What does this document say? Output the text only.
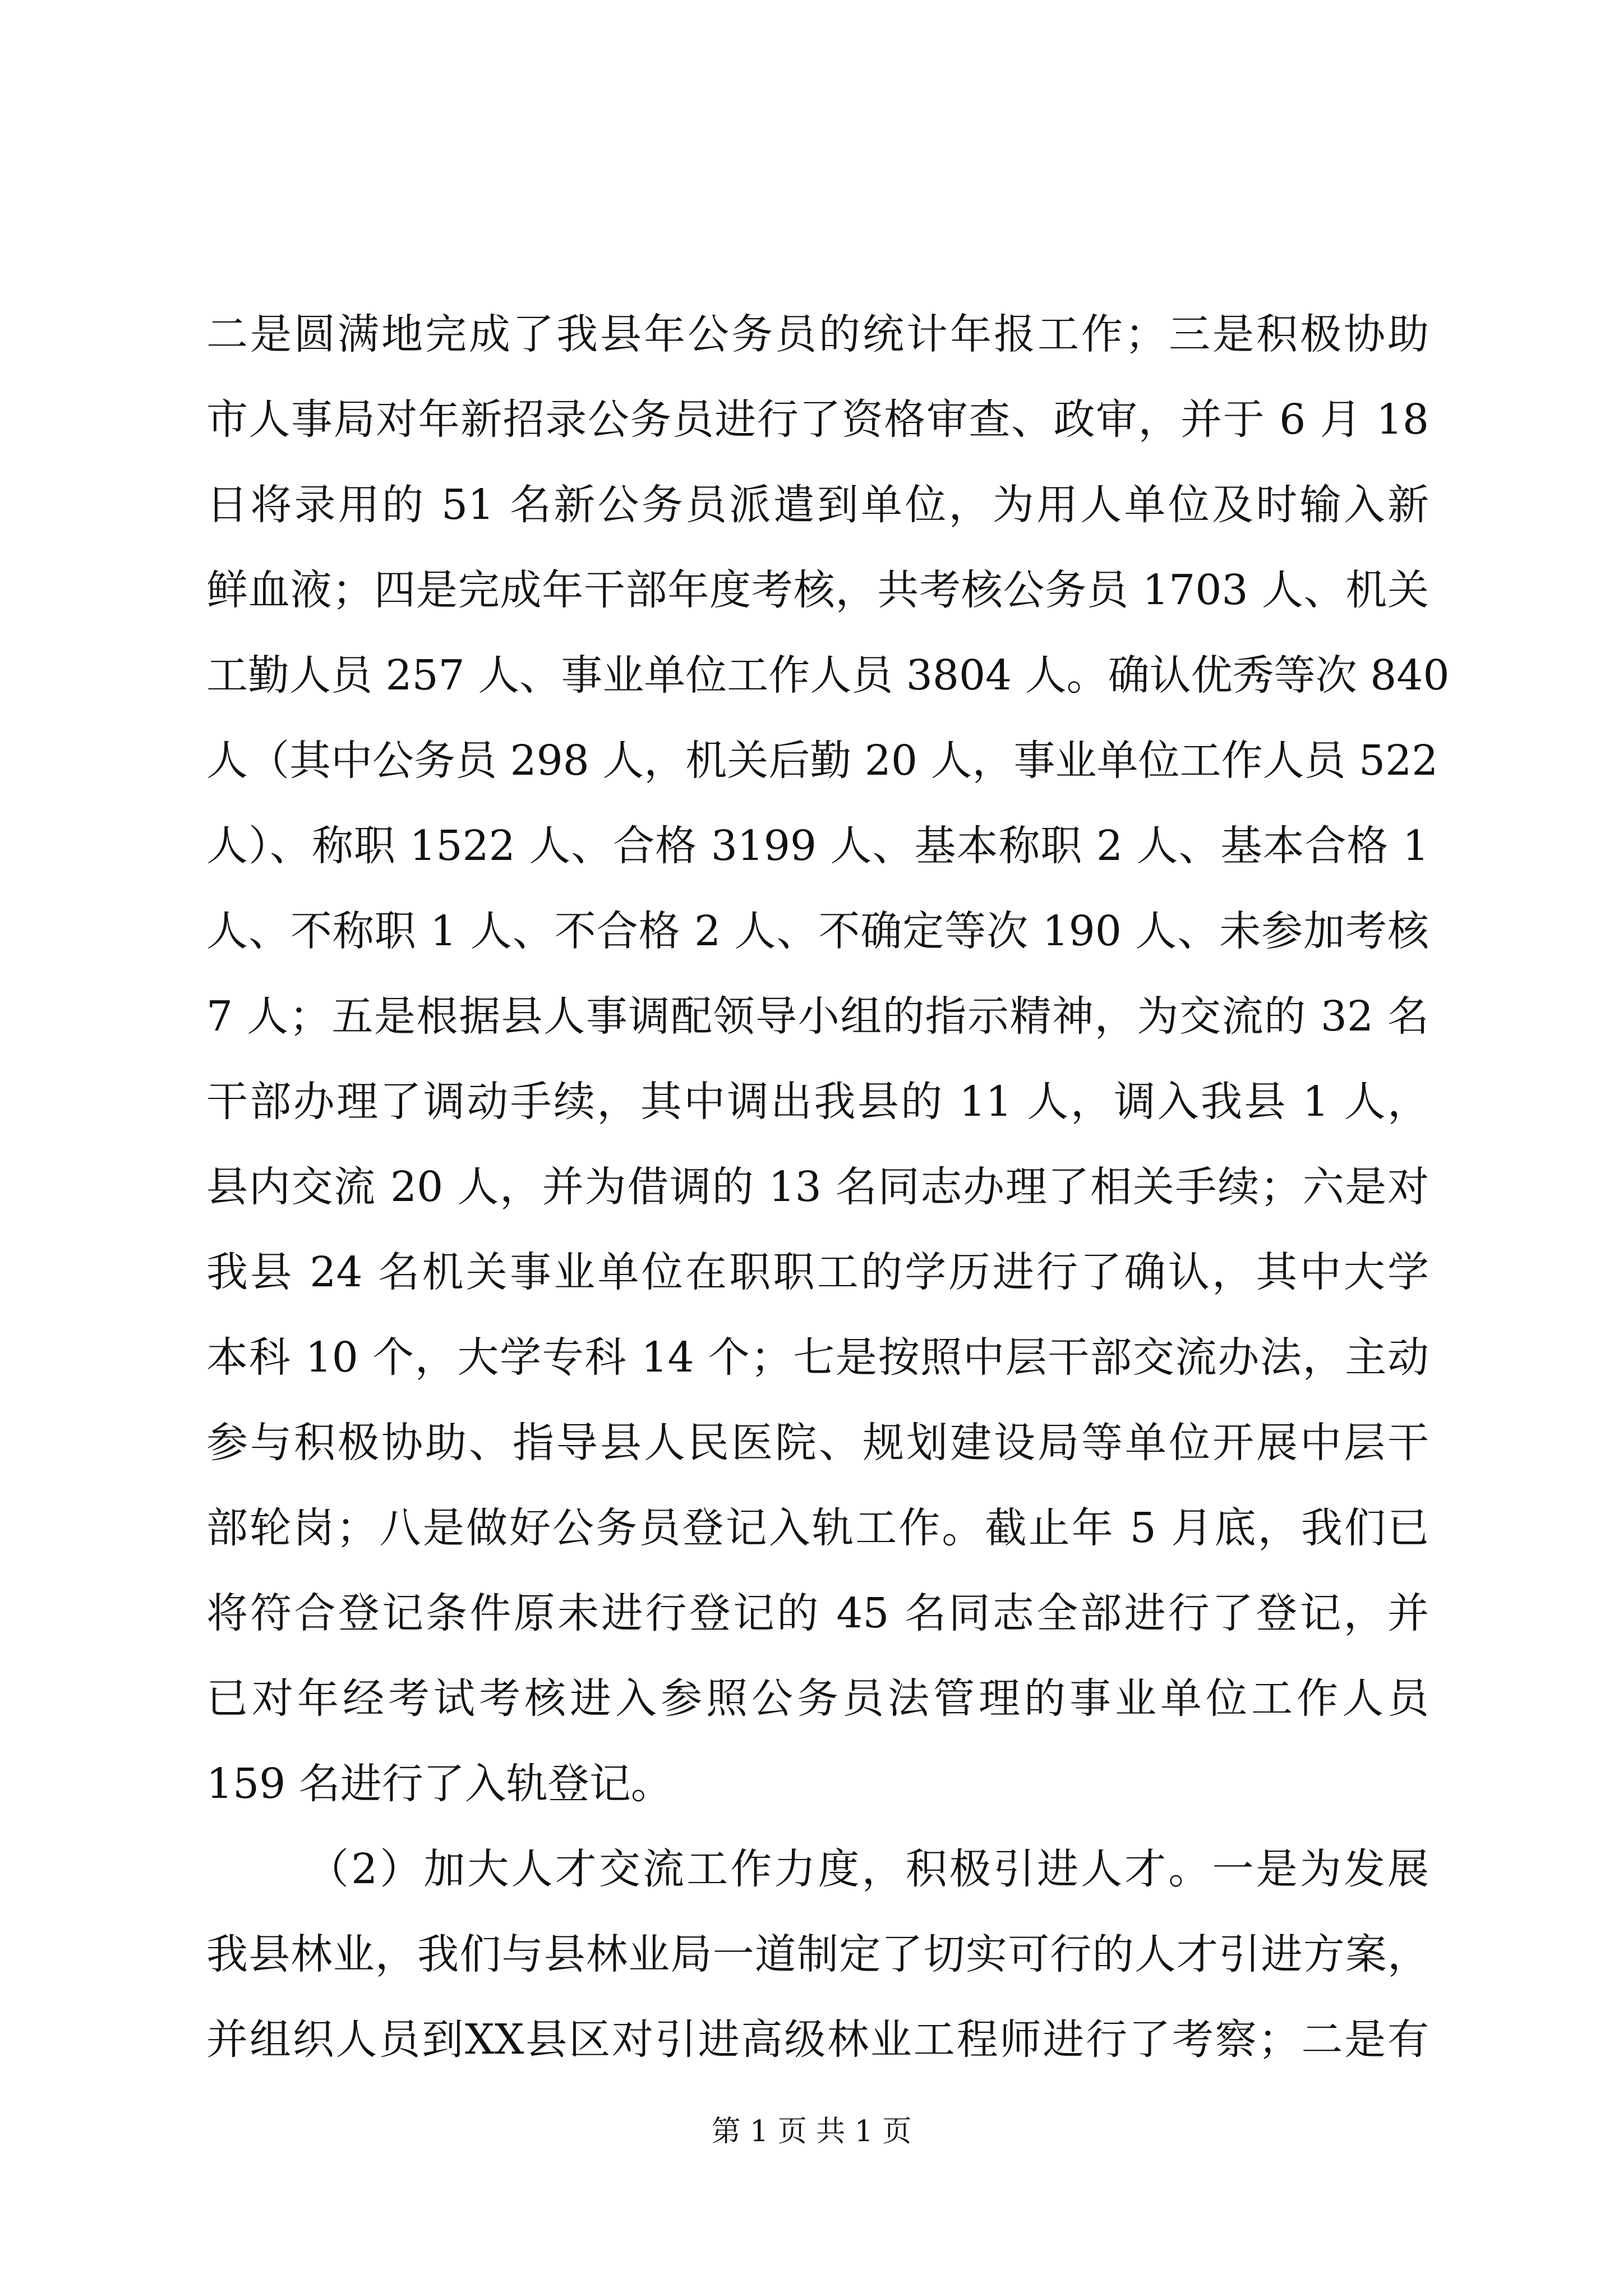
二是圆满地完成了我县年公务员的统计年报工作；三是积极协助
市人事局对年新招录公务员进行了资格审查、政审，并于 6 月 18
日将录用的 51 名新公务员派遣到单位，为用人单位及时输入新
鲜血液；四是完成年干部年度考核，共考核公务员 1703 人、机关
工勤人员 257 人、事业单位工作人员 3804 人。确认优秀等次 840
人（其中公务员 298 人，机关后勤 20 人，事业单位工作人员 522
人）、称职 1522 人、合格 3199 人、基本称职 2 人、基本合格 1
人、不称职 1 人、不合格 2 人、不确定等次 190 人、未参加考核
7 人；五是根据县人事调配领导小组的指示精神，为交流的 32 名
干部办理了调动手续，其中调出我县的 11 人，调入我县 1 人，
县内交流 20 人，并为借调的 13 名同志办理了相关手续；六是对
我县 24 名机关事业单位在职职工的学历进行了确认，其中大学
本科 10 个，大学专科 14 个；七是按照中层干部交流办法，主动
参与积极协助、指导县人民医院、规划建设局等单位开展中层干
部轮岗；八是做好公务员登记入轨工作。截止年 5 月底，我们已
将符合登记条件原未进行登记的 45 名同志全部进行了登记，并
已对年经考试考核进入参照公务员法管理的事业单位工作人员
159 名进行了入轨登记。
（2）加大人才交流工作力度，积极引进人才。一是为发展
我县林业，我们与县林业局一道制定了切实可行的人才引进方案，
并组织人员到XX县区对引进高级林业工程师进行了考察；二是有
第 1 页 共 1 页
